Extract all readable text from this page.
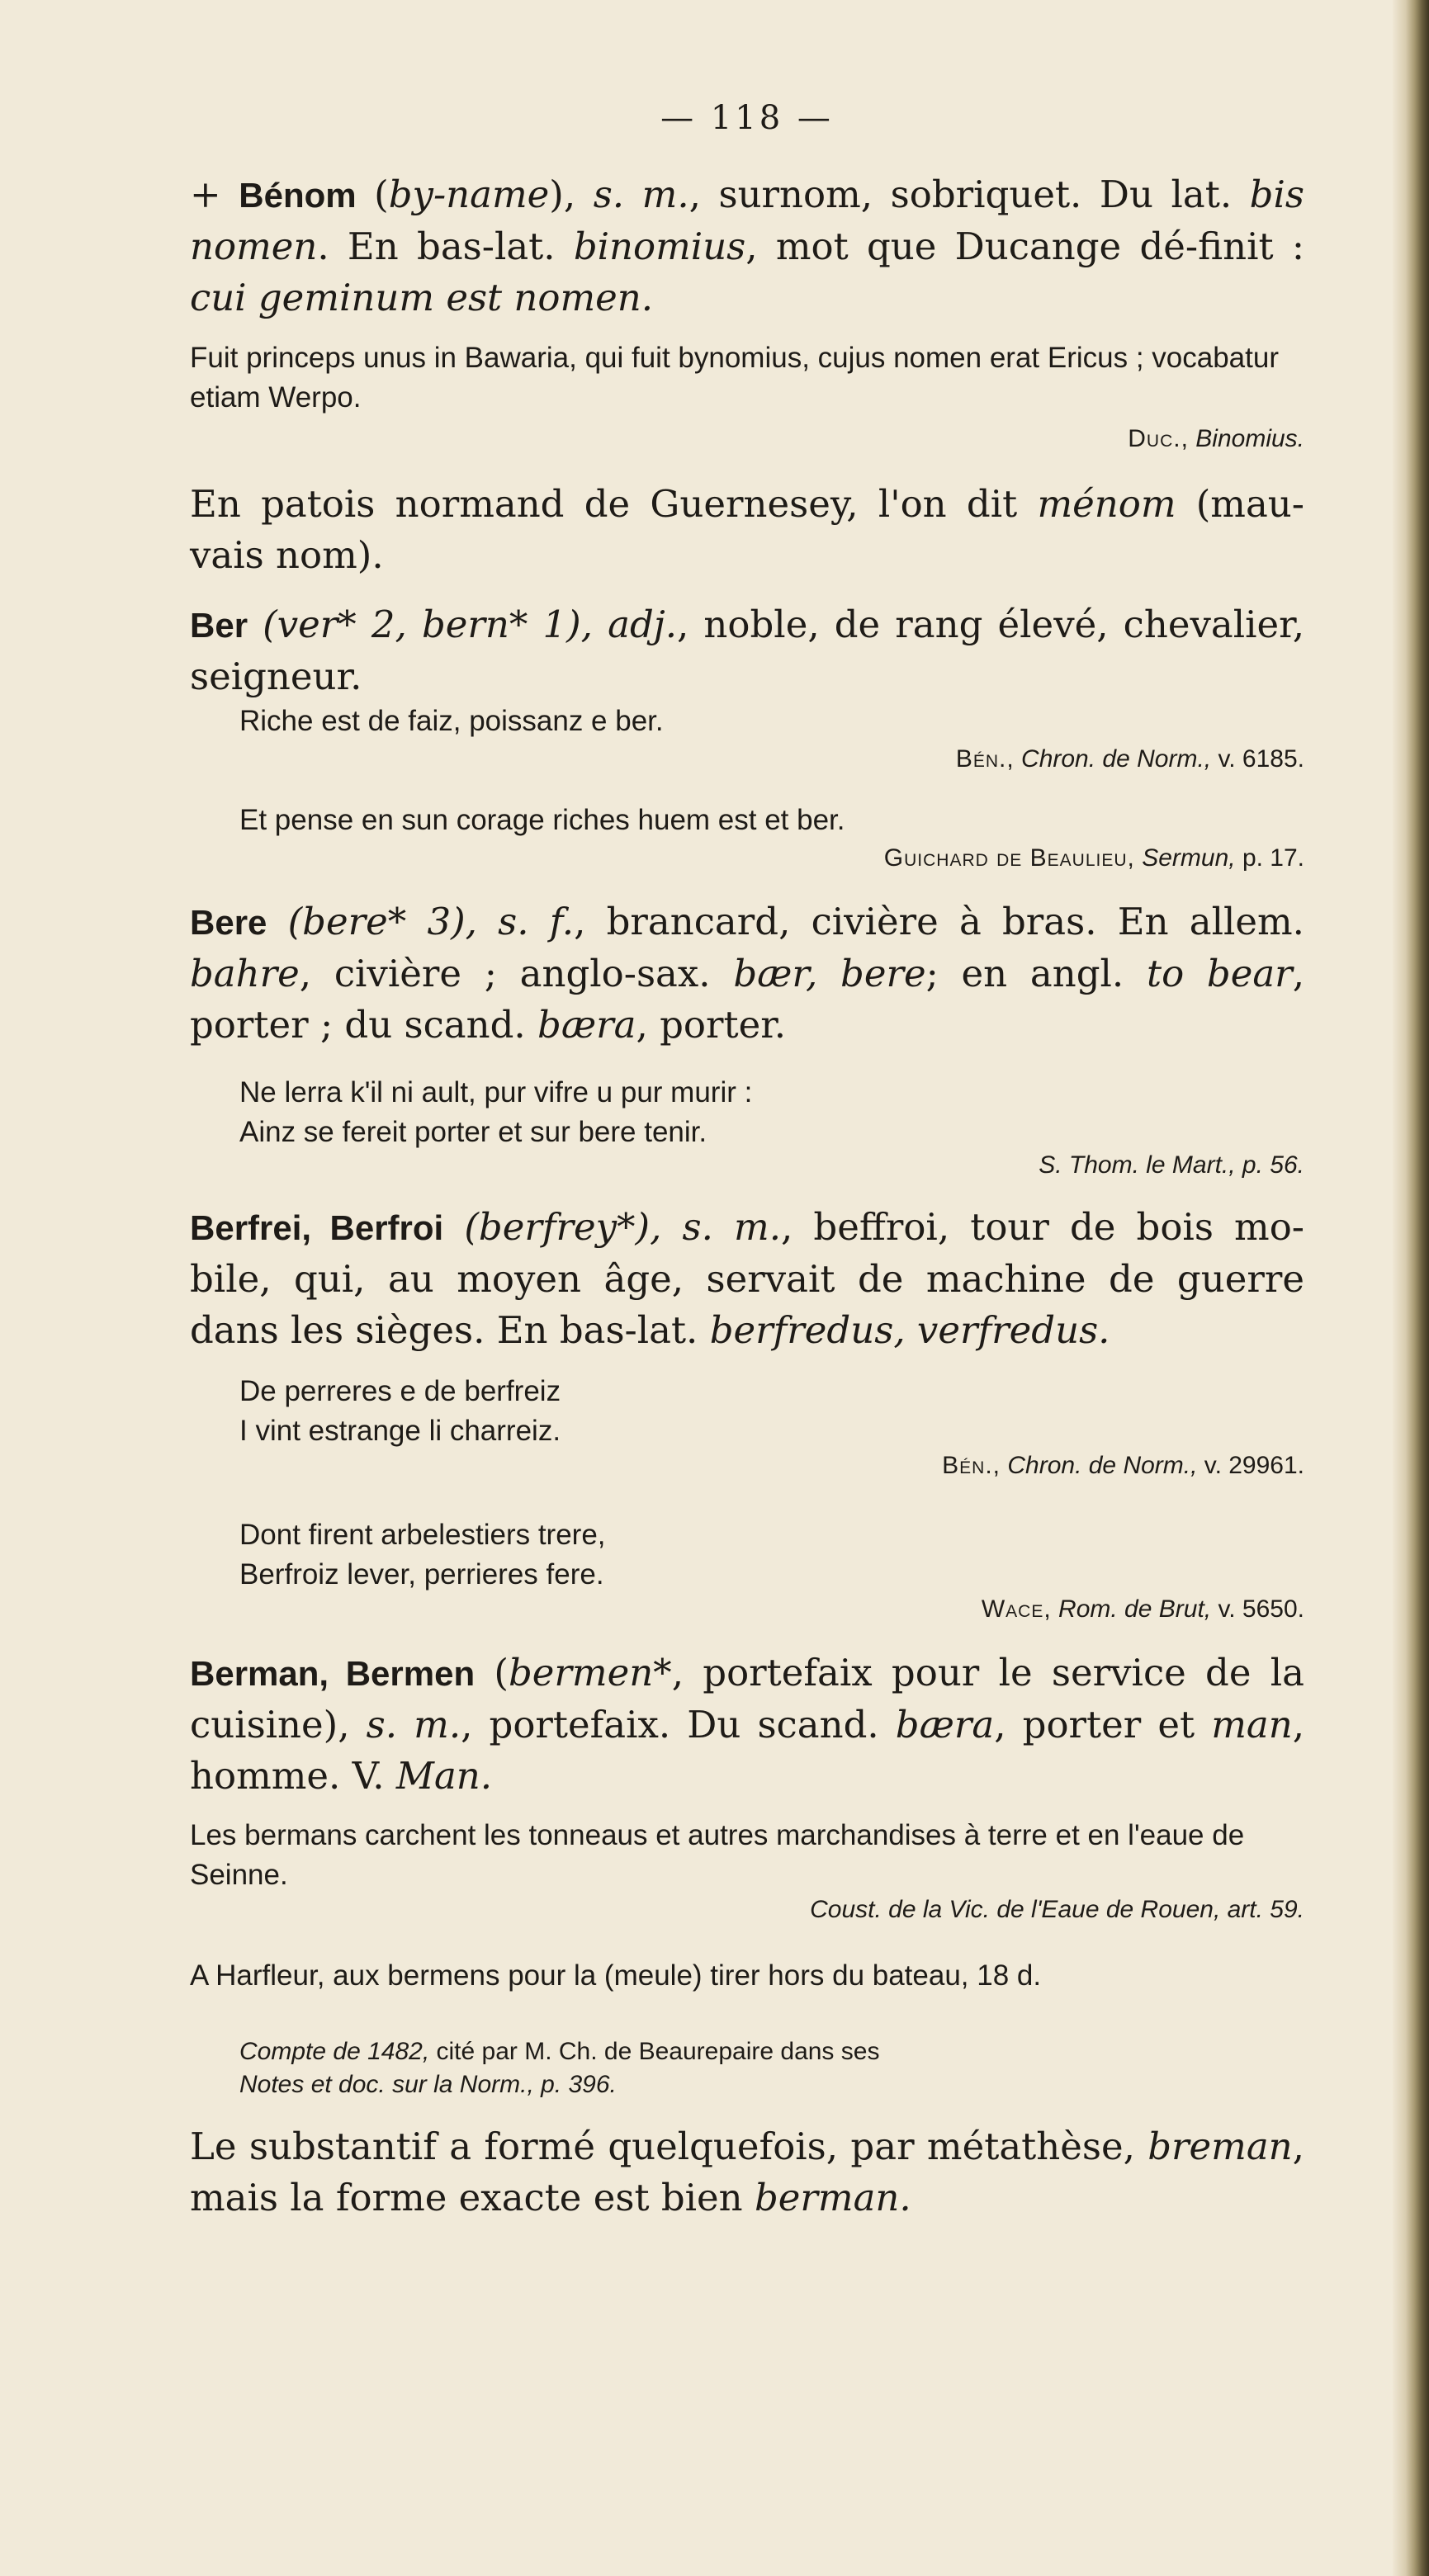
— 118 —
+ Bénom (by-name), s. m., surnom, sobriquet. Du lat. bis nomen. En bas-lat. binomius, mot que Ducange dé-finit : cui geminum est nomen.
Fuit princeps unus in Bawaria, qui fuit bynomius, cujus nomen erat Ericus ; vocabatur etiam Werpo.
Duc., Binomius.
En patois normand de Guernesey, l'on dit ménom (mau-vais nom).
Ber (ver* 2, bern* 1), adj., noble, de rang élevé, chevalier, seigneur.
Riche est de faiz, poissanz e ber.
Bén., Chron. de Norm., v. 6185.
Et pense en sun corage riches huem est et ber.
Guichard de Beaulieu, Sermun, p. 17.
Bere (bere* 3), s. f., brancard, civière à bras. En allem. bahre, civière ; anglo-sax. bær, bere; en angl. to bear, porter ; du scand. bæra, porter.
Ne lerra k'il ni ault, pur vifre u pur murir :
Ainz se fereit porter et sur bere tenir.
S. Thom. le Mart., p. 56.
Berfrei, Berfroi (berfrey*), s. m., beffroi, tour de bois mo-bile, qui, au moyen âge, servait de machine de guerre dans les sièges. En bas-lat. berfredus, verfredus.
De perreres e de berfreiz
I vint estrange li charreiz.
Bén., Chron. de Norm., v. 29961.
Dont firent arbelestiers trere,
Berfroiz lever, perrieres fere.
Wace, Rom. de Brut, v. 5650.
Berman, Bermen (bermen*, portefaix pour le service de la cuisine), s. m., portefaix. Du scand. bæra, porter et man, homme. V. Man.
Les bermans carchent les tonneaus et autres marchandises à terre et en l'eaue de Seinne.
Coust. de la Vic. de l'Eaue de Rouen, art. 59.
A Harfleur, aux bermens pour la (meule) tirer hors du bateau, 18 d.
Compte de 1482, cité par M. Ch. de Beaurepaire dans ses
Notes et doc. sur la Norm., p. 396.
Le substantif a formé quelquefois, par métathèse, breman, mais la forme exacte est bien berman.
